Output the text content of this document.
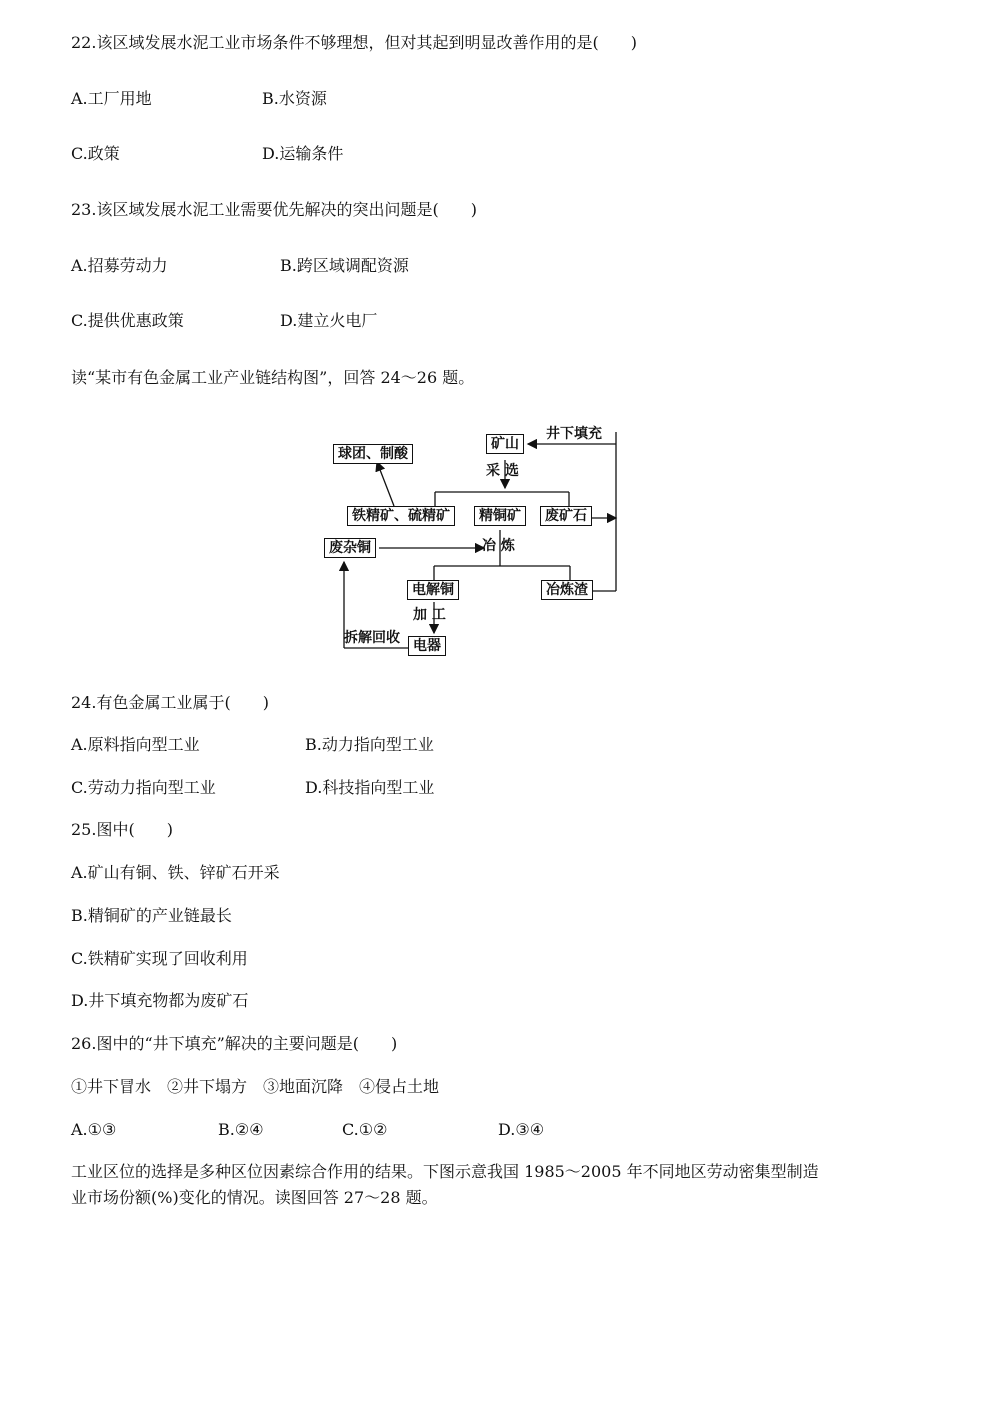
22.该区域发展水泥工业市场条件不够理想，但对其起到明显改善作用的是(　　)
A.工厂用地	B.水资源
C.政策	D.运输条件
23.该区域发展水泥工业需要优先解决的突出问题是(　　)
A.招募劳动力	B.跨区域调配资源
C.提供优惠政策	D.建立火电厂
读“某市有色金属工业产业链结构图”，回答 24～26 题。
矿山
井下填充
采 选
球团、制酸
铁精矿、硫精矿	精铜矿	废矿石
废杂铜	冶 炼
电解铜	冶炼渣
加 工
拆解回收 电器
24.有色金属工业属于(　　)
A.原料指向型工业	B.动力指向型工业
C.劳动力指向型工业	D.科技指向型工业
25.图中(　　)
A.矿山有铜、铁、锌矿石开采
B.精铜矿的产业链最长
C.铁精矿实现了回收利用
D.井下填充物都为废矿石
26.图中的“井下填充”解决的主要问题是(　　)
①井下冒水　②井下塌方　③地面沉降　④侵占土地
A.①③	B.②④	C.①②	D.③④
工业区位的选择是多种区位因素综合作用的结果。下图示意我国 1985～2005 年不同地区劳动密集型制造
业市场份额(%)变化的情况。读图回答 27～28 题。
